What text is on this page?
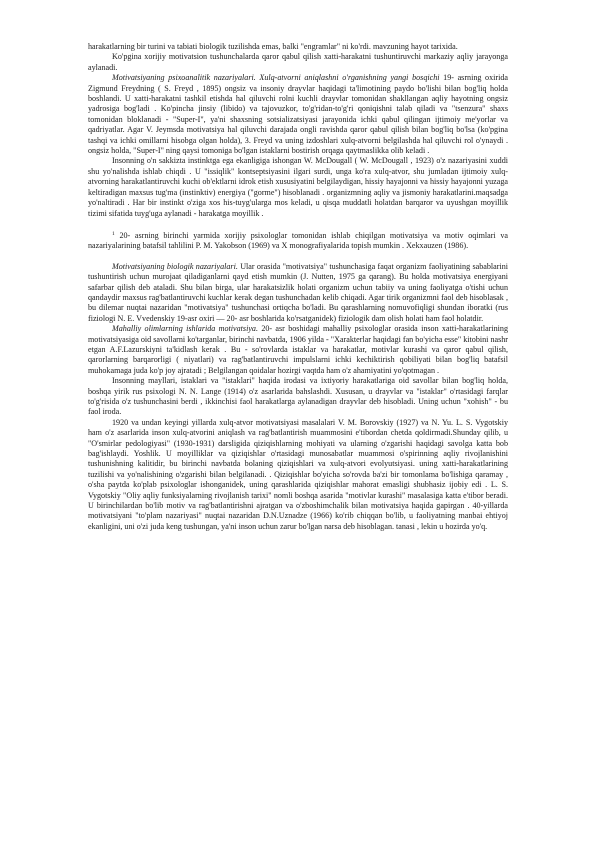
harakatlarning bir turini va tabiati biologik tuzilishda emas, balki "engramlar" ni ko'rdi. mavzuning hayot tarixida.

Ko'pgina xorijiy motivatsion tushunchalarda qaror qabul qilish xatti-harakatni tushuntiruvchi markaziy aqliy jarayonga aylanadi.

Motivatsiyaning psixoanalitik nazariyalari. Xulq-atvorni aniqlashni o'rganishning yangi bosqichi 19- asrning oxirida Zigmund Freydning ( S. Freyd , 1895) ongsiz va insoniy drayvlar haqidagi ta'limotining paydo bo'lishi bilan bog'liq holda boshlandi. U xatti-harakatni tashkil etishda hal qiluvchi rolni kuchli drayvlar tomonidan shakllangan aqliy hayotning ongsiz yadrosiga bog'ladi . Ko'pincha jinsiy (libido) va tajovuzkor, to'g'ridan-to'g'ri qoniqishni talab qiladi va "tsenzura" shaxs tomonidan bloklanadi - "Super-I", ya'ni shaxsning sotsializatsiyasi jarayonida ichki qabul qilingan ijtimoiy me'yorlar va qadriyatlar. Agar V. Jeymsda motivatsiya hal qiluvchi darajada ongli ravishda qaror qabul qilish bilan bog'liq bo'lsa (ko'pgina tashqi va ichki omillarni hisobga olgan holda), 3. Freyd va uning izdoshlari xulq-atvorni belgilashda hal qiluvchi rol o'ynaydi . ongsiz holda, "Super-I" ning qaysi tomoniga bo'lgan istaklarni bostirish orqaga qaytmaslikka olib keladi .

Insonning o'n sakkizta instinktga ega ekanligiga ishongan W. McDougall ( W. McDougall , 1923) o'z nazariyasini xuddi shu yo'nalishda ishlab chiqdi . U "issiqlik" kontseptsiyasini ilgari surdi, unga ko'ra xulq-atvor, shu jumladan ijtimoiy xulq-atvorning harakatlantiruvchi kuchi ob'ektlarni idrok etish xususiyatini belgilaydigan, hissiy hayajonni va hissiy hayajonni yuzaga keltiradigan maxsus tug'ma (instinktiv) energiya ("gorme") hisoblanadi . organizmning aqliy va jismoniy harakatlarini.maqsadga yo'naltiradi . Har bir instinkt o'ziga xos his-tuyg'ularga mos keladi, u qisqa muddatli holatdan barqaror va uyushgan moyillik tizimi sifatida tuyg'uga aylanadi - harakatga moyillik .

$^1$ 20- asrning birinchi yarmida xorijiy psixologlar tomonidan ishlab chiqilgan motivatsiya va motiv oqimlari va nazariyalarining batafsil tahlilini P. M. Yakobson (1969) va X monografiyalarida topish mumkin . Xekxauzen (1986).

Motivatsiyaning biologik nazariyalari. Ular orasida "motivatsiya" tushunchasiga faqat organizm faoliyatining sabablarini tushuntirish uchun murojaat qiladiganlarni qayd etish mumkin (J. Nutten, 1975 ga qarang). Bu holda motivatsiya energiyani safarbar qilish deb ataladi. Shu bilan birga, ular harakatsizlik holati organizm uchun tabiiy va uning faoliyatga o'tishi uchun qandaydir maxsus rag'batlantiruvchi kuchlar kerak degan tushunchadan kelib chiqadi. Agar tirik organizmni faol deb hisoblasak , bu dilemar nuqtai nazaridan "motivatsiya" tushunchasi ortiqcha bo'ladi. Bu qarashlarning nomuvofiqligi shundan iboratki (rus fiziologi N. E. Vvedenskiy 19-asr oxiri — 20- asr boshlarida ko'rsatganidek) fiziologik dam olish holati ham faol holatdir.

Mahalliy olimlarning ishlarida motivatsiya. 20- asr boshidagi mahalliy psixologlar orasida inson xatti-harakatlarining motivatsiyasiga oid savollarni ko'targanlar, birinchi navbatda, 1906 yilda - "Xarakterlar haqidagi fan bo'yicha esse" kitobini nashr etgan A.F.Lazurskiyni ta'kidlash kerak . Bu - so'rovlarda istaklar va harakatlar, motivlar kurashi va qaror qabul qilish, qarorlarning barqarorligi ( niyatlari) va rag'batlantiruvchi impulslarni ichki kechiktirish qobiliyati bilan bog'liq batafsil muhokamaga juda ko'p joy ajratadi ; Belgilangan qoidalar hozirgi vaqtda ham o'z ahamiyatini yo'qotmagan .

Insonning mayllari, istaklari va "istaklari" haqida irodasi va ixtiyoriy harakatlariga oid savollar bilan bog'liq holda, boshqa yirik rus psixologi N. N. Lange (1914) o'z asarlarida bahslashdi. Xususan, u drayvlar va "istaklar" o'rtasidagi farqlar to'g'risida o'z tushunchasini berdi , ikkinchisi faol harakatlarga aylanadigan drayvlar deb hisobladi. Uning uchun "xohish" - bu faol iroda.

1920 va undan keyingi yillarda xulq-atvor motivatsiyasi masalalari V. M. Borovskiy (1927) va N. Yu. L. S. Vygotskiy ham o'z asarlarida inson xulq-atvorini aniqlash va rag'batlantirish muammosini e'tibordan chetda qoldirmadi.Shunday qilib, u "O'smirlar pedologiyasi" (1930-1931) darsligida qiziqishlarning mohiyati va ularning o'zgarishi haqidagi savolga katta bob bag'ishlaydi. Yoshlik. U moyilliklar va qiziqishlar o'rtasidagi munosabatlar muammosi o'spirinning aqliy rivojlanishini tushunishning kalitidir, bu birinchi navbatda bolaning qiziqishlari va xulq-atvori evolyutsiyasi. uning xatti-harakatlarining tuzilishi va yo'nalishining o'zgarishi bilan belgilanadi. . Qiziqishlar bo'yicha so'rovda ba'zi bir tomonlama bo'lishiga qaramay , o'sha paytda ko'plab psixologlar ishonganidek, uning qarashlarida qiziqishlar mahorat emasligi shubhasiz ijobiy edi . L. S. Vygotskiy "Oliy aqliy funksiyalarning rivojlanish tarixi" nomli boshqa asarida "motivlar kurashi" masalasiga katta e'tibor beradi. U birinchilardan bo'lib motiv va rag'batlantirishni ajratgan va o'zboshimchalik bilan motivatsiya haqida gapirgan . 40-yillarda motivatsiyani "to'plam nazariyasi" nuqtai nazaridan D.N.Uznadze (1966) ko'rib chiqqan bo'lib, u faoliyatning manbai ehtiyoj ekanligini, uni o'zi juda keng tushungan, ya'ni inson uchun zarur bo'lgan narsa deb hisoblagan. tanasi , lekin u hozirda yo'q.
